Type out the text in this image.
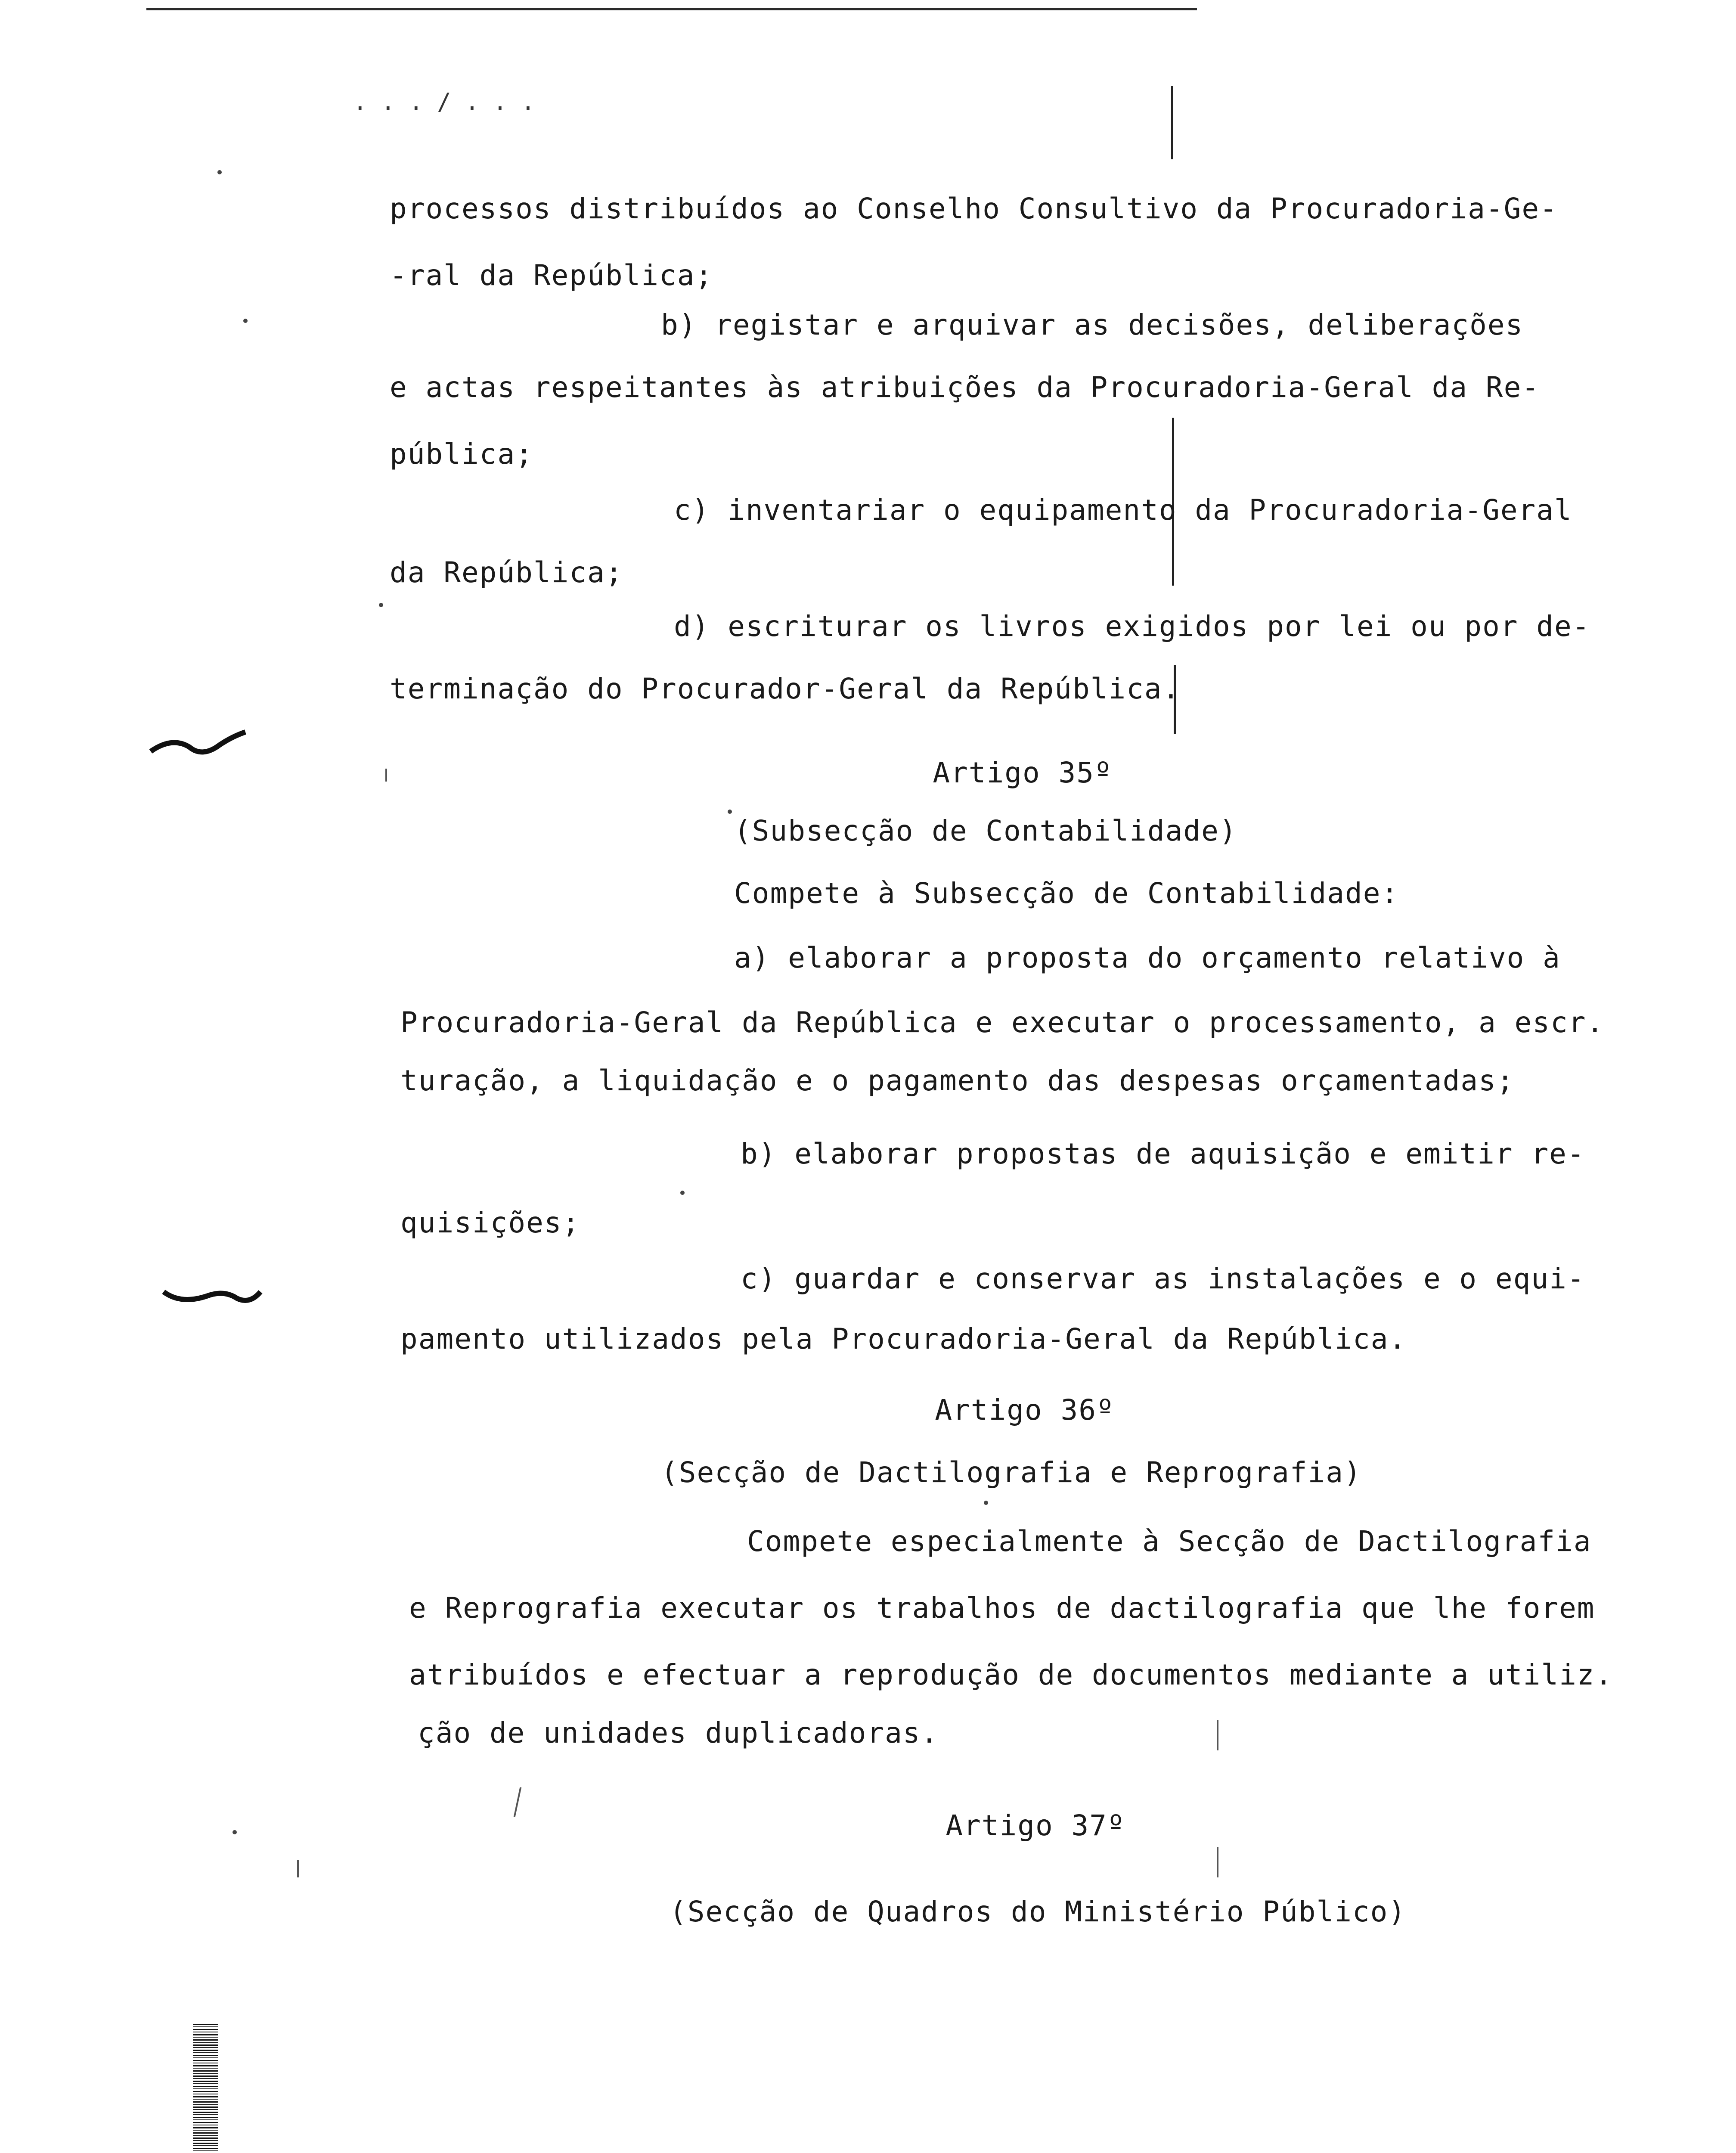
. . . / . . .
processos distribuídos ao Conselho Consultivo da Procuradoria-Ge-
-ral da República;
b) registar e arquivar as decisões, deliberações
e actas respeitantes às atribuições da Procuradoria-Geral da Re-
pública;
c) inventariar o equipamento da Procuradoria-Geral
da República;
d) escriturar os livros exigidos por lei ou por de-
terminação do Procurador-Geral da República.
Artigo 35º
(Subsecção de Contabilidade)
Compete à Subsecção de Contabilidade:
a) elaborar a proposta do orçamento relativo à
Procuradoria-Geral da República e executar o processamento, a escr.
turação, a liquidação e o pagamento das despesas orçamentadas;
b) elaborar propostas de aquisição e emitir re-
quisições;
c) guardar e conservar as instalações e o equi-
pamento utilizados pela Procuradoria-Geral da República.
Artigo 36º
(Secção de Dactilografia e Reprografia)
Compete especialmente à Secção de Dactilografia
e Reprografia executar os trabalhos de dactilografia que lhe forem
atribuídos e efectuar a reprodução de documentos mediante a utiliz.
ção de unidades duplicadoras.
Artigo 37º
(Secção de Quadros do Ministério Público)
